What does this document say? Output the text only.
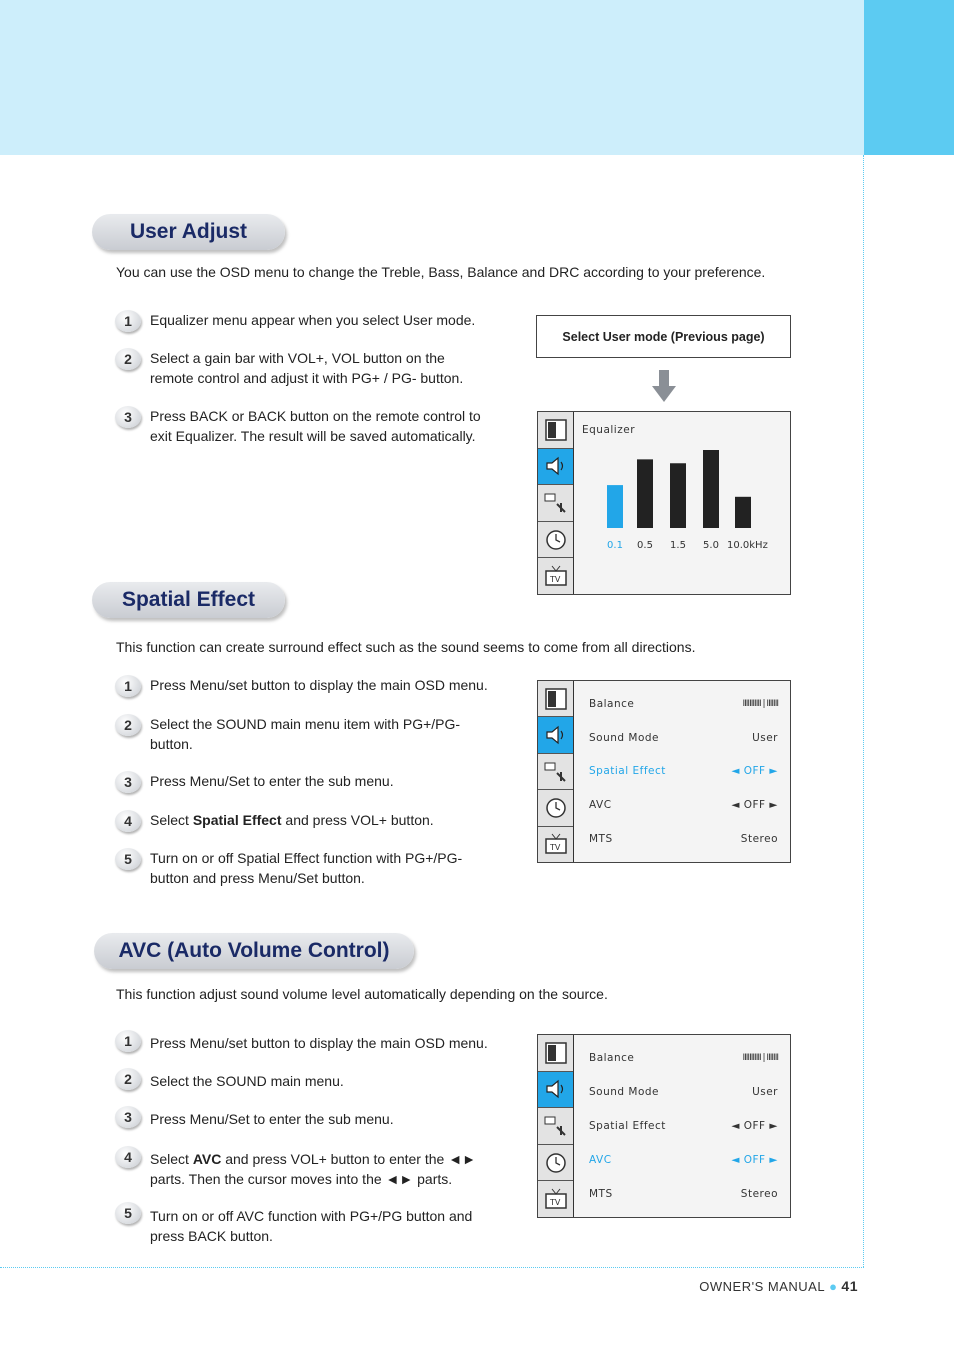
User Adjust
You can use the OSD menu to change the Treble, Bass, Balance and DRC according to your preference.
1	Equalizer menu appear when you select User mode.
2	Select a gain bar with VOL+, VOL button on the remote control and adjust it with PG+ / PG- button.
3	Press BACK or BACK button on the remote control to exit Equalizer. The result will be saved automatically.
Select User mode (Previous page)
TV
Equalizer
0.1 0.5 1.5 5.0 10.0kHz
Spatial Effect
This function can create surround effect such as the sound seems to come from all directions.
1	Press Menu/set button to display the main OSD menu.
2	Select the SOUND main menu item with PG+/PG- button.
3	Press Menu/Set to enter the sub menu.
4	Select Spatial Effect and press VOL+ button.
5	Turn on or off Spatial Effect function with PG+/PG- button and press Menu/Set button.
TV
Balance	IIIIIIIIIII | IIIIIII
Sound Mode	User
Spatial Effect	◄ OFF ►
AVC	◄ OFF ►
MTS	Stereo
AVC (Auto Volume Control)
This function adjust sound volume level automatically depending on the source.
1	Press Menu/set button to display the main OSD menu.
2	Select the SOUND main menu.
3	Press Menu/Set to enter the sub menu.
4	Select AVC and press VOL+ button to enter the ◄► parts. Then the cursor moves into the ◄► parts.
5	Turn on or off AVC function with PG+/PG button and press BACK button.
TV
Balance	IIIIIIIIIII | IIIIIII
Sound Mode	User
Spatial Effect	◄ OFF ►
AVC	◄ OFF ►
MTS	Stereo
OWNER'S MANUAL ● 41
